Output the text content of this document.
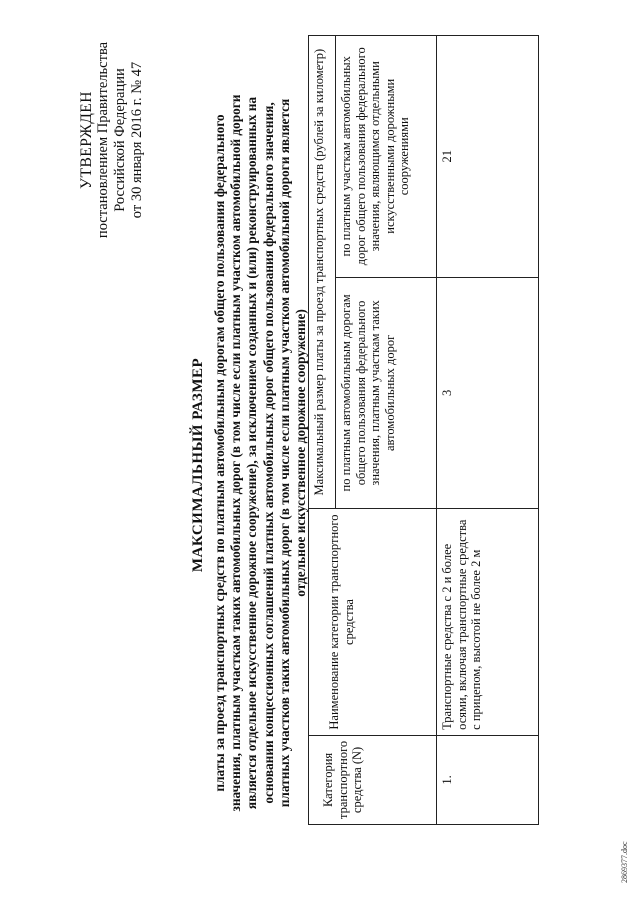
УТВЕРЖДЕН постановлением Правительства Российской Федерации от 30 января 2016 г. № 47
МАКСИМАЛЬНЫЙ РАЗМЕР платы за проезд транспортных средств по платным автомобильным дорогам общего пользования федерального значения, платным участкам таких автомобильных дорог (в том числе если платным участком автомобильной дороги является отдельное искусственное дорожное сооружение), за исключением созданных и (или) реконструированных на основании концессионных соглашений платных автомобильных дорог общего пользования федерального значения, платных участков таких автомобильных дорог (в том числе если платным участком автомобильной дороги является отдельное искусственное дорожное сооружение)
Категория транспортного средства (N)	Наименование категории транспортного средства	Максимальный размер платы за проезд транспортных средств (рублей за километр)	
		по платным автомобильным дорогам общего пользования федерального значения, платным участкам таких автомобильных дорог	по платным участкам автомобильных дорог общего пользования федерального значения, являющимся отдельными искусственными дорожными сооружениями
1.	Транспортные средства с 2 и более осями, включая транспортные средства с прицепом, высотой не более 2 м	3	21
2869377.doc
